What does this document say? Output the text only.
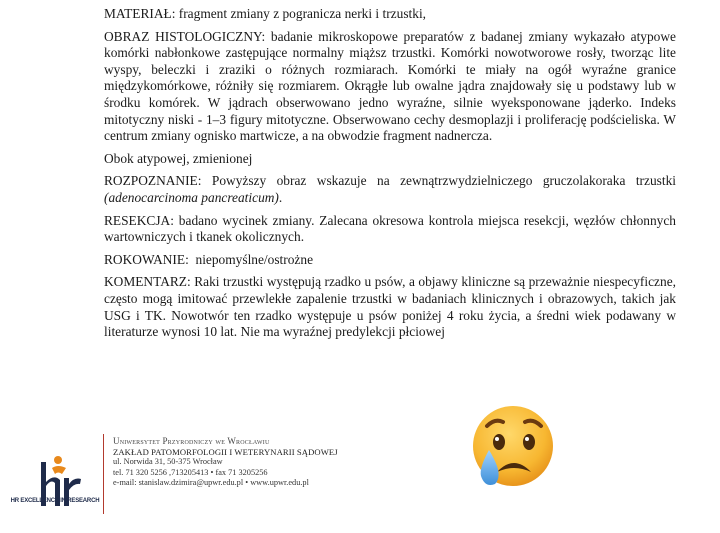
MATERIAŁ: fragment zmiany z pogranicza nerki i trzustki,

OBRAZ HISTOLOGICZNY: badanie mikroskopowe preparatów z badanej zmiany wykazało atypowe komórki nabłonkowe zastępujące normalny miąższ trzustki. Komórki nowotworowe rosły, tworząc lite wyspy, beleczki i zraziki o różnych rozmiarach. Komórki te miały na ogół wyraźne granice międzykomórkowe, różniły się rozmiarem. Okrągłe lub owalne jądra znajdowały się u podstawy lub w środku komórek. W jądrach obserwowano jedno wyraźne, silnie wyeksponowane jąderko. Indeks mitotyczny niski - 1–3 figury mitotyczne. Obserwowano cechy desmoplazji i proliferację podścieliska. W centrum zmiany ognisko martwicze, a na obwodzie fragment nadnercza.

Obok atypowej, zmienionej

ROZPOZNANIE: Powyższy obraz wskazuje na zewnątrzwydzielniczego gruczolakoraka trzustki (adenocarcinoma pancreaticum).

RESEKCJA: badano wycinek zmiany. Zalecana okresowa kontrola miejsca resekcji, węzłów chłonnych wartowniczych i tkanek okolicznych.

ROKOWANIE:  niepomyślne/ostrożne

KOMENTARZ: Raki trzustki występują rzadko u psów, a objawy kliniczne są przeważnie niespecyficzne, często mogą imitować przewlekłe zapalenie trzustki w badaniach klinicznych i obrazowych, takich jak USG i TK. Nowotwór ten rzadko występuje u psów poniżej 4 roku życia, a średni wiek podawany w literaturze wynosi 10 lat. Nie ma wyraźnej predylekcji płciowej

HR EXCELLENCE IN RESEARCH
Uniwersytet Przyrodniczy we Wrocławiu
ZAKŁAD PATOMORFOLOGII I WETERYNARII SĄDOWEJ
ul. Norwida 31, 50-375 Wrocław
tel. 71 320 5256 ,713205413 • fax 71 3205256
e-mail: stanislaw.dzimira@upwr.edu.pl • www.upwr.edu.pl
